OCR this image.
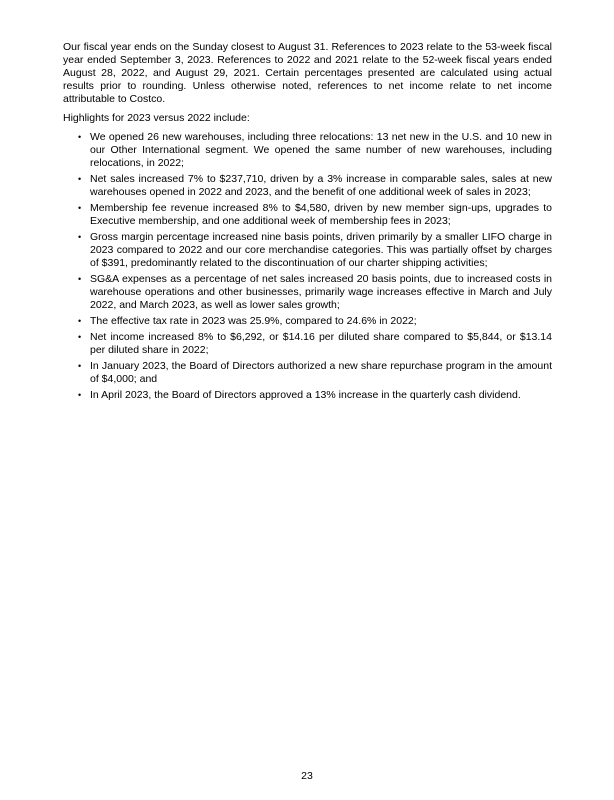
Our fiscal year ends on the Sunday closest to August 31. References to 2023 relate to the 53-week fiscal year ended September 3, 2023. References to 2022 and 2021 relate to the 52-week fiscal years ended August 28, 2022, and August 29, 2021. Certain percentages presented are calculated using actual results prior to rounding. Unless otherwise noted, references to net income relate to net income attributable to Costco.

Highlights for 2023 versus 2022 include:

• We opened 26 new warehouses, including three relocations: 13 net new in the U.S. and 10 new in our Other International segment. We opened the same number of new warehouses, including relocations, in 2022;
• Net sales increased 7% to $237,710, driven by a 3% increase in comparable sales, sales at new warehouses opened in 2022 and 2023, and the benefit of one additional week of sales in 2023;
• Membership fee revenue increased 8% to $4,580, driven by new member sign-ups, upgrades to Executive membership, and one additional week of membership fees in 2023;
• Gross margin percentage increased nine basis points, driven primarily by a smaller LIFO charge in 2023 compared to 2022 and our core merchandise categories. This was partially offset by charges of $391, predominantly related to the discontinuation of our charter shipping activities;
• SG&A expenses as a percentage of net sales increased 20 basis points, due to increased costs in warehouse operations and other businesses, primarily wage increases effective in March and July 2022, and March 2023, as well as lower sales growth;
• The effective tax rate in 2023 was 25.9%, compared to 24.6% in 2022;
• Net income increased 8% to $6,292, or $14.16 per diluted share compared to $5,844, or $13.14 per diluted share in 2022;
• In January 2023, the Board of Directors authorized a new share repurchase program in the amount of $4,000; and
• In April 2023, the Board of Directors approved a 13% increase in the quarterly cash dividend.
23
